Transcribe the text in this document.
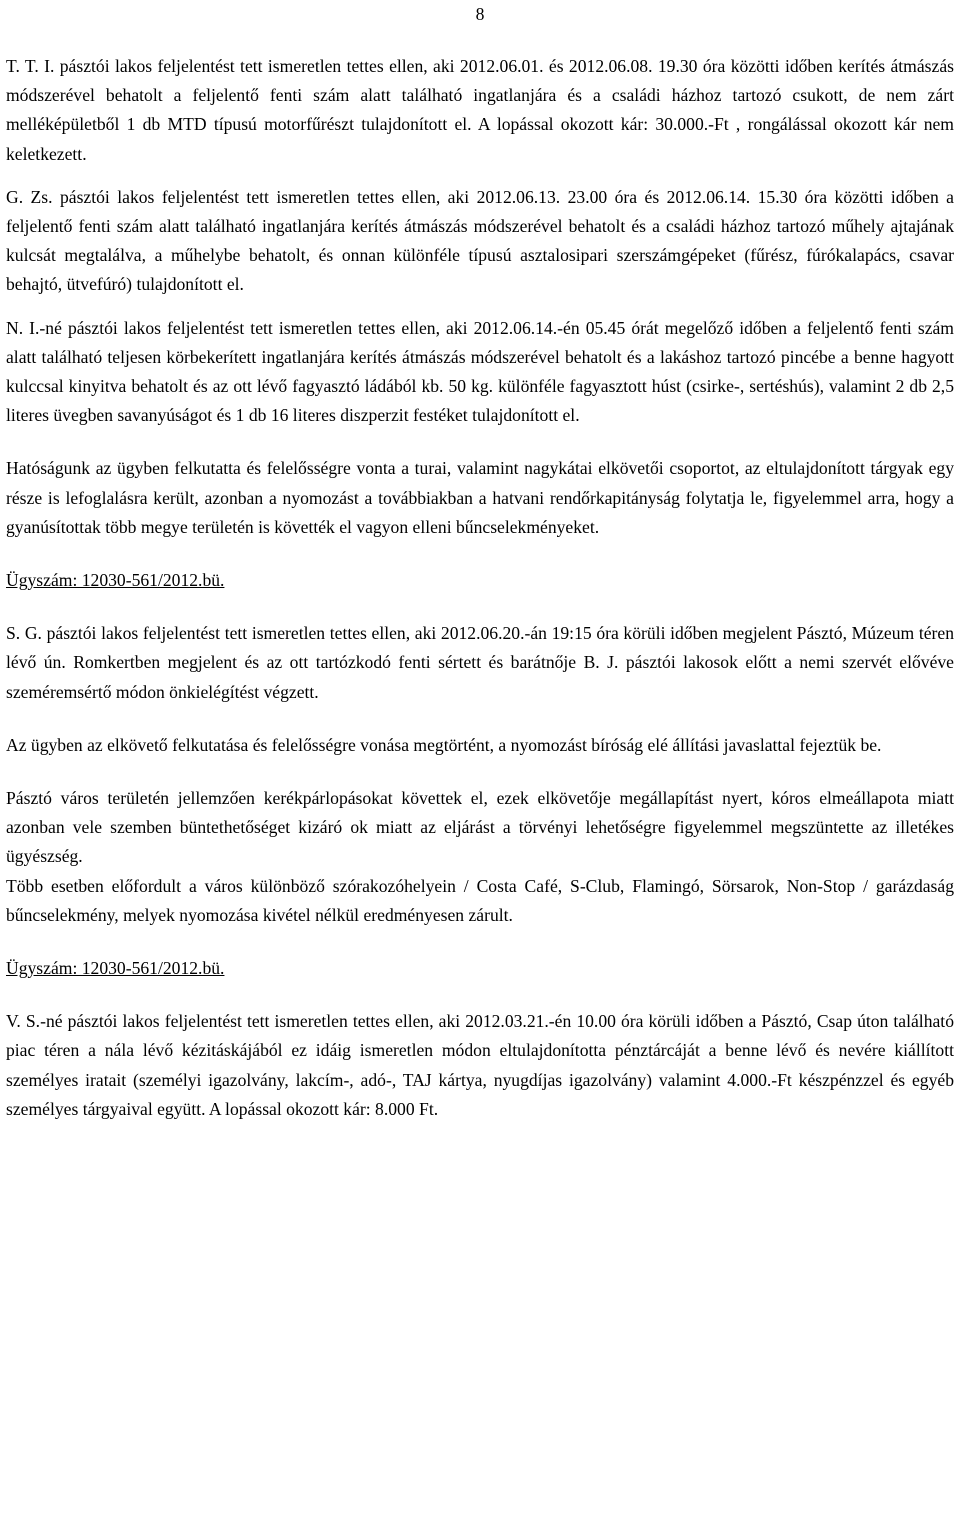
8

T. T. I. pásztói lakos feljelentést tett ismeretlen tettes ellen, aki 2012.06.01. és 2012.06.08. 19.30 óra közötti időben kerítés átmászás módszerével behatolt a feljelentő fenti szám alatt található ingatlanjára és a családi házhoz tartozó csukott, de nem zárt melléképületből 1 db MTD típusú motorfűrészt tulajdonított el. A lopással okozott kár: 30.000.-Ft , rongálással okozott kár nem keletkezett.

G. Zs. pásztói lakos feljelentést tett ismeretlen tettes ellen, aki 2012.06.13. 23.00 óra és 2012.06.14. 15.30 óra közötti időben a feljelentő fenti szám alatt található ingatlanjára kerítés átmászás módszerével behatolt és a családi házhoz tartozó műhely ajtajának kulcsát megtalálva, a műhelybe behatolt, és onnan különféle típusú asztalosipari szerszámgépeket (fűrész, fúrókalapács, csavar behajtó, ütvefúró) tulajdonított el.

N. I.-né pásztói lakos feljelentést tett ismeretlen tettes ellen, aki 2012.06.14.-én 05.45 órát megelőző időben a feljelentő fenti szám alatt található teljesen körbekerített ingatlanjára kerítés átmászás módszerével behatolt és a lakáshoz tartozó pincébe a benne hagyott kulccsal kinyitva behatolt és az ott lévő fagyasztó ládából kb. 50 kg. különféle fagyasztott húst (csirke-, sertéshús), valamint 2 db 2,5 literes üvegben savanyúságot és 1 db 16 literes diszperzit festéket tulajdonított el.

Hatóságunk az ügyben felkutatta és felelősségre vonta a turai, valamint nagykátai elkövetői csoportot, az eltulajdonított tárgyak egy része is lefoglalásra került, azonban a nyomozást a továbbiakban a hatvani rendőrkapitányság folytatja le, figyelemmel arra, hogy a gyanúsítottak több megye területén is követték el vagyon elleni bűncselekményeket.

Ügyszám: 12030-561/2012.bü.

S. G. pásztói lakos feljelentést tett ismeretlen tettes ellen, aki 2012.06.20.-án 19:15 óra körüli időben megjelent Pásztó, Múzeum téren lévő ún. Romkertben megjelent és az ott tartózkodó fenti sértett és barátnője B. J. pásztói lakosok előtt a nemi szervét elővéve szeméremsértő módon önkielégítést végzett.

Az ügyben az elkövető felkutatása és felelősségre vonása megtörtént, a nyomozást bíróság elé állítási javaslattal fejeztük be.

Pásztó város területén jellemzően kerékpárlopásokat követtek el, ezek elkövetője megállapítást nyert, kóros elmeállapota miatt azonban vele szemben büntethetőséget kizáró ok miatt az eljárást a törvényi lehetőségre figyelemmel megszüntette az illetékes ügyészség.

Több esetben előfordult a város különböző szórakozóhelyein / Costa Café, S-Club, Flamingó, Sörsarok, Non-Stop / garázdaság bűncselekmény, melyek nyomozása kivétel nélkül eredményesen zárult.

Ügyszám: 12030-561/2012.bü.

V. S.-né pásztói lakos feljelentést tett ismeretlen tettes ellen, aki 2012.03.21.-én 10.00 óra körüli időben a Pásztó, Csap úton található piac téren a nála lévő kézitáskájából ez idáig ismeretlen módon eltulajdonította pénztárcáját a benne lévő és nevére kiállított személyes iratait (személyi igazolvány, lakcím-, adó-, TAJ kártya, nyugdíjas igazolvány) valamint 4.000.-Ft készpénzzel és egyéb személyes tárgyaival együtt. A lopással okozott kár: 8.000 Ft.
